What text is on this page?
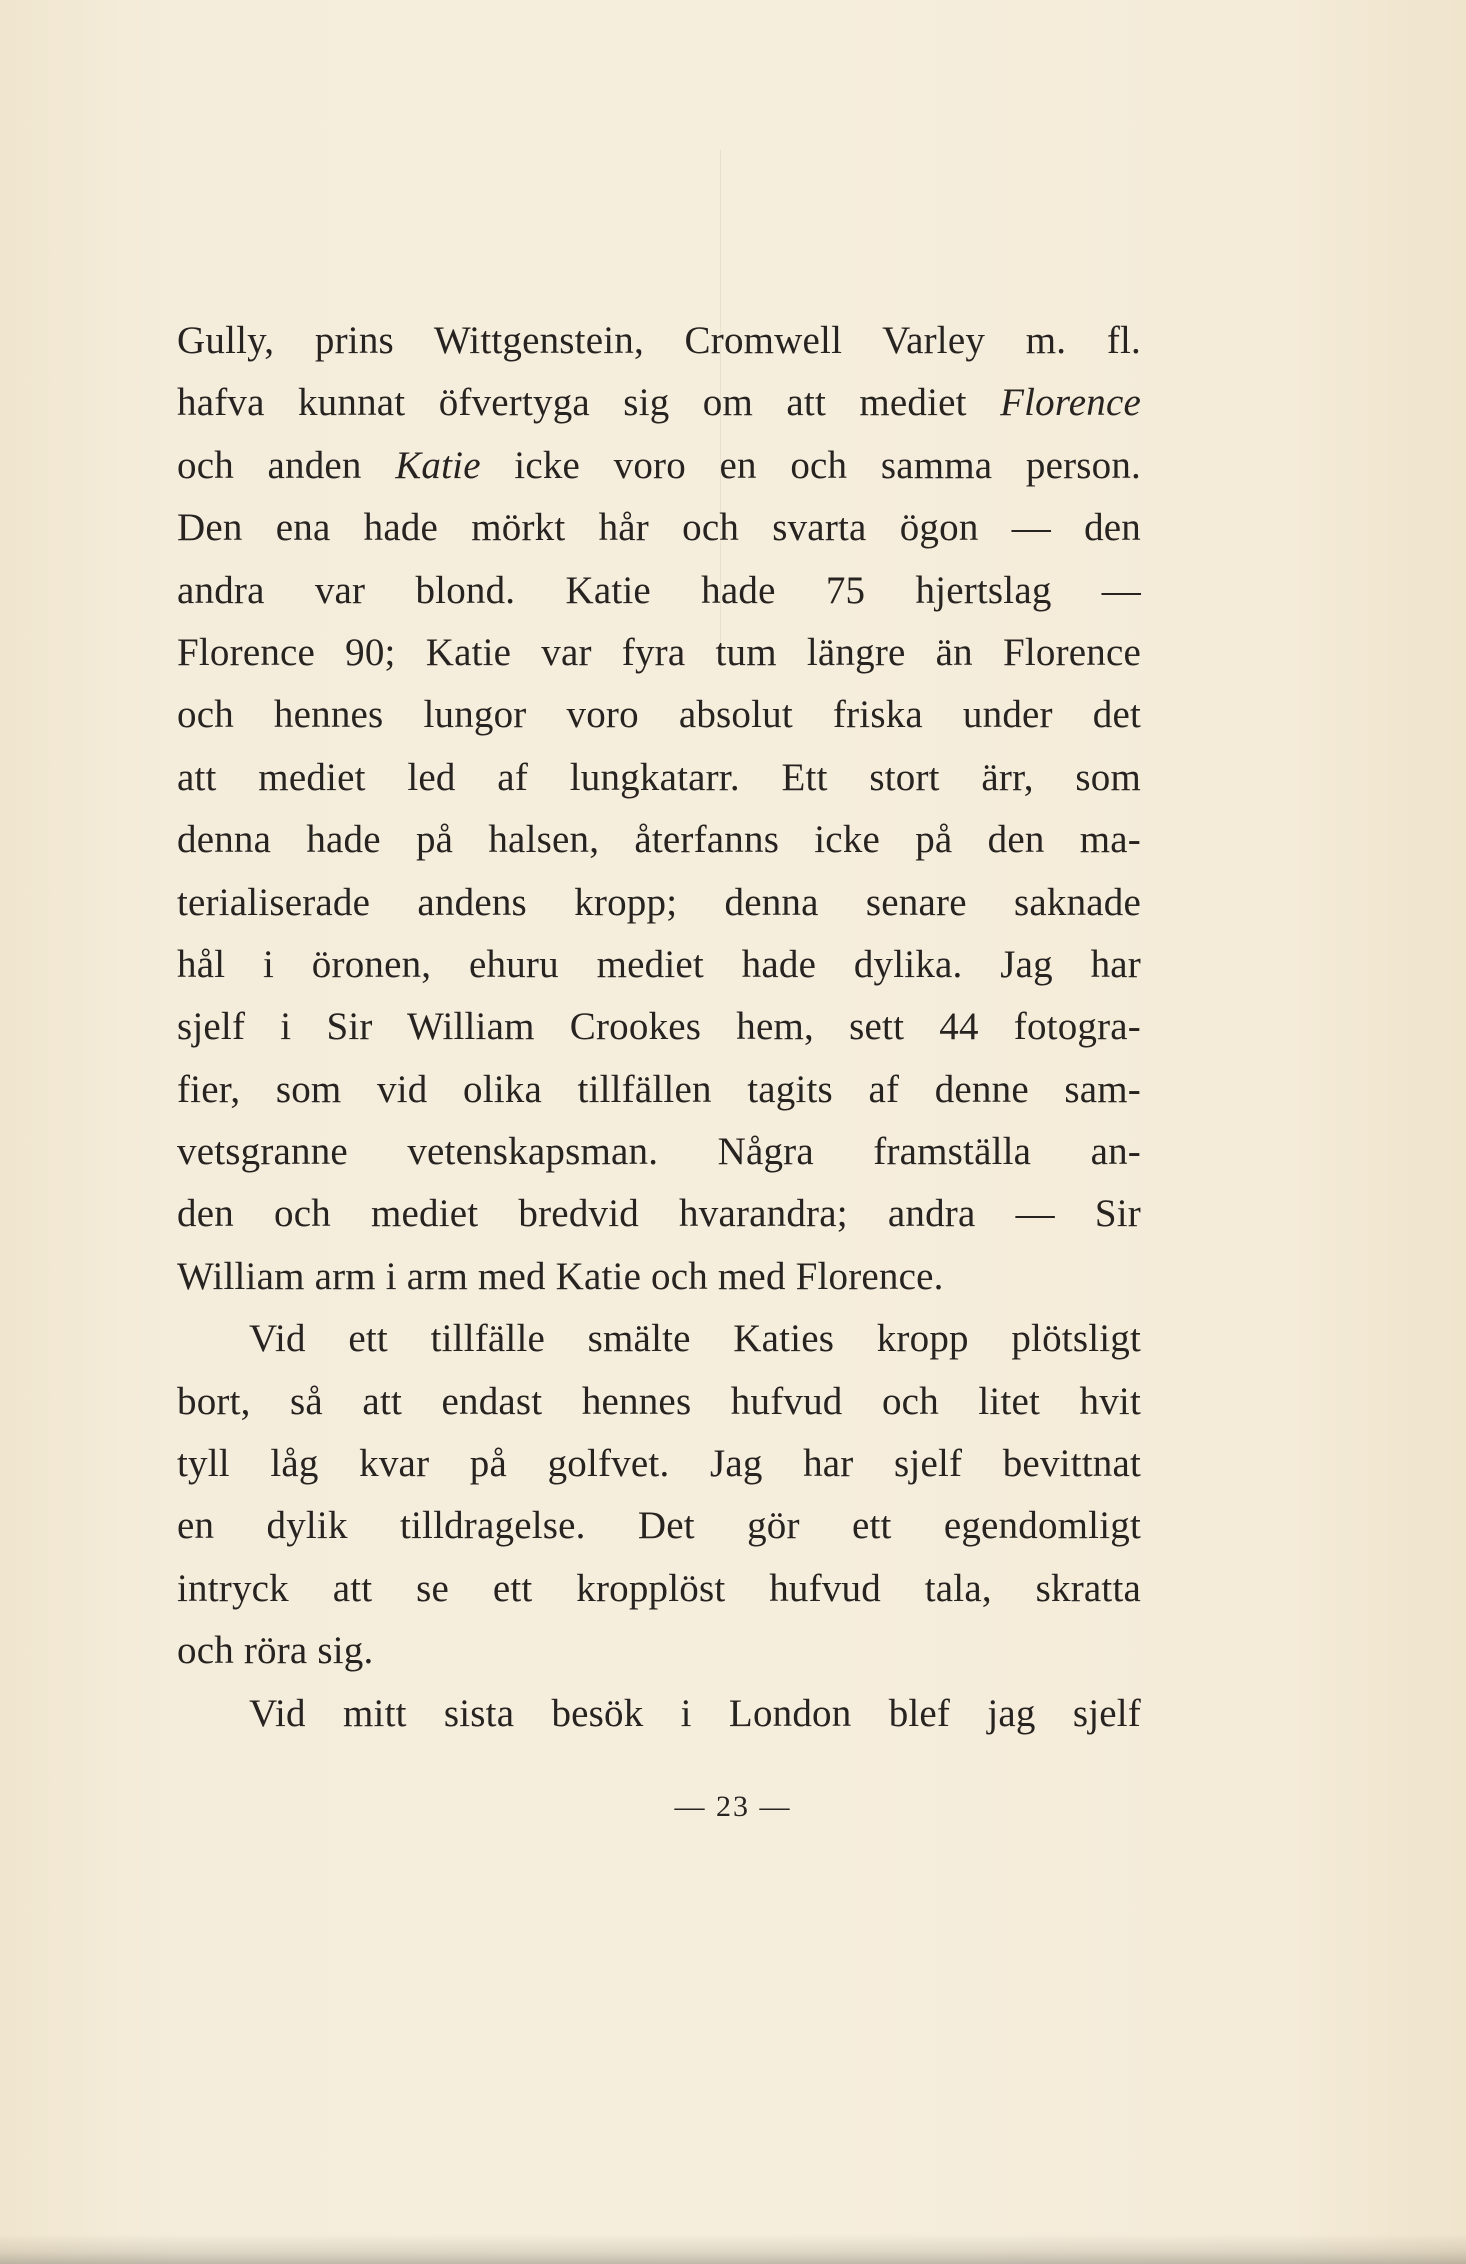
Gully, prins Wittgenstein, Cromwell Varley m. fl.
hafva kunnat öfvertyga sig om att mediet Florence
och anden Katie icke voro en och samma person.
Den ena hade mörkt hår och svarta ögon — den
andra var blond. Katie hade 75 hjertslag —
Florence 90; Katie var fyra tum längre än Florence
och hennes lungor voro absolut friska under det
att mediet led af lungkatarr. Ett stort ärr, som
denna hade på halsen, återfanns icke på den ma-
terialiserade andens kropp; denna senare saknade
hål i öronen, ehuru mediet hade dylika. Jag har
sjelf i Sir William Crookes hem, sett 44 fotogra-
fier, som vid olika tillfällen tagits af denne sam-
vetsgranne vetenskapsman. Några framställa an-
den och mediet bredvid hvarandra; andra — Sir
William arm i arm med Katie och med Florence.
Vid ett tillfälle smälte Katies kropp plötsligt
bort, så att endast hennes hufvud och litet hvit
tyll låg kvar på golfvet. Jag har sjelf bevittnat
en dylik tilldragelse. Det gör ett egendomligt
intryck att se ett kropplöst hufvud tala, skratta
och röra sig.
Vid mitt sista besök i London blef jag sjelf
— 23 —
